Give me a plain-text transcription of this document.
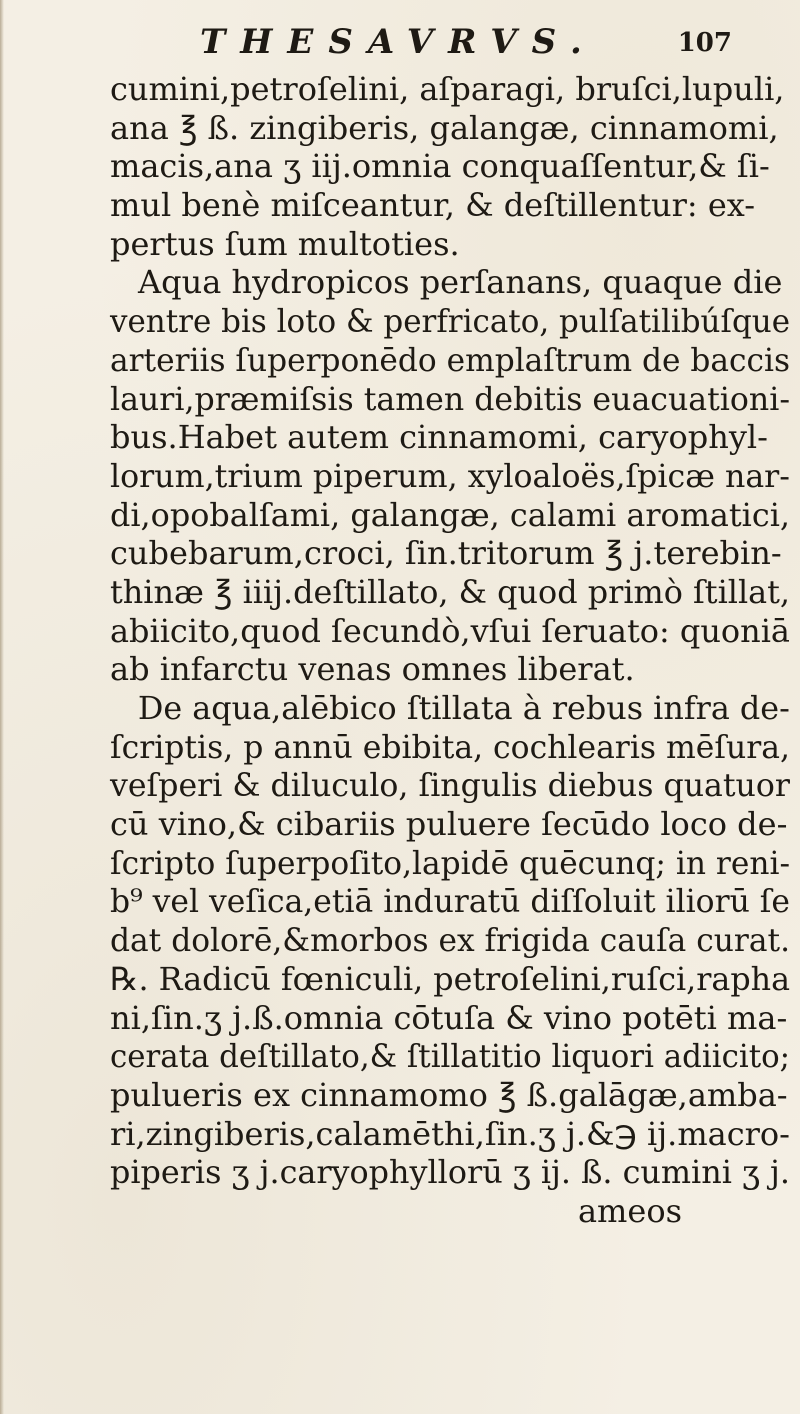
THESAVRVS.	107
cumini,petroſelini, aſparagi, bruſci,lupuli,
ana ℥ ß. zingiberis, galangæ, cinnamomi,
macis,ana ʒ iij.omnia conquaſſentur,& ſi-
mul benè miſceantur, & deſtillentur: ex-
pertus ſum multoties.
Aqua hydropicos perſanans, quaque die
ventre bis loto & perfricato, pulſatilibúſque
arteriis ſuperponēdo emplaſtrum de baccis
lauri,præmiſsis tamen debitis euacuationi-
bus.Habet autem cinnamomi, caryophyl-
lorum,trium piperum, xyloaloës,ſpicæ nar-
di,opobalſami, galangæ, calami aromatici,
cubebarum,croci, ſin.tritorum ℥ j.terebin-
thinæ ℥ iiij.deſtillato, & quod primò ſtillat,
abiicito,quod ſecundò,vſui ſeruato: quoniā
ab infarctu venas omnes liberat.
De aqua,alēbico ſtillata à rebus infra de-
ſcriptis, p annū ebibita, cochlearis mēſura,
veſperi & diluculo, ſingulis diebus quatuor
cū vino,& cibariis puluere ſecūdo loco de-
ſcripto ſuperpoſito,lapidē quēcunq; in reni-
b⁹ vel veſica,etiā induratū diſſoluit iliorū ſe
dat dolorē,&morbos ex frigida cauſa curat.
℞. Radicū fœniculi, petroſelini,ruſci,rapha
ni,ſin.ʒ j.ß.omnia cōtuſa & vino potēti ma-
cerata deſtillato,& ſtillatitio liquori adiicito;
pulueris ex cinnamomo ℥ ß.galāgæ,amba-
ri,zingiberis,calamēthi,ſin.ʒ j.&℈ ij.macro-
piperis ʒ j.caryophyllorū ʒ ij. ß. cumini ʒ j.
ameos
